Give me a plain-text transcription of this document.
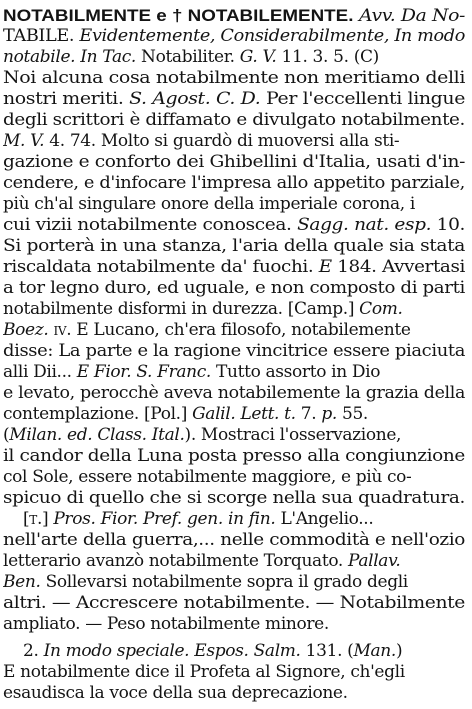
NOTABILMENTE e † NOTABILEMENTE. Avv. Da No-
TABILE. Evidentemente, Considerabilmente, In modo
notabile. In Tac. Notabiliter. G. V. 11. 3. 5. (C)
Noi alcuna cosa notabilmente non meritiamo delli
nostri meriti. S. Agost. C. D. Per l'eccellenti lingue
degli scrittori è diffamato e divulgato notabilmente.
M. V. 4. 74. Molto si guardò di muoversi alla sti-
gazione e conforto dei Ghibellini d'Italia, usati d'in-
cendere, e d'infocare l'impresa allo appetito parziale,
più ch'al singulare onore della imperiale corona, i
cui vizii notabilmente conoscea. Sagg. nat. esp. 10.
Si porterà in una stanza, l'aria della quale sia stata
riscaldata notabilmente da' fuochi. E 184. Avvertasi
a tor legno duro, ed uguale, e non composto di parti
notabilmente disformi in durezza. [Camp.] Com.
Boez. iv. E Lucano, ch'era filosofo, notabilemente
disse: La parte e la ragione vincitrice essere piaciuta
alli Dii... E Fior. S. Franc. Tutto assorto in Dio
e levato, perocchè aveva notabilemente la grazia della
contemplazione. [Pol.] Galil. Lett. t. 7. p. 55.
(Milan. ed. Class. Ital.). Mostraci l'osservazione,
il candor della Luna posta presso alla congiunzione
col Sole, essere notabilmente maggiore, e più co-
spicuo di quello che si scorge nella sua quadratura.
[t.] Pros. Fior. Pref. gen. in fin. L'Angelio...
nell'arte della guerra,... nelle commodità e nell'ozio
letterario avanzò notabilmente Torquato. Pallav.
Ben. Sollevarsi notabilmente sopra il grado degli
altri. — Accrescere notabilmente. — Notabilmente
ampliato. — Peso notabilmente minore.
2. In modo speciale. Espos. Salm. 131. (Man.)
E notabilmente dice il Profeta al Signore, ch'egli
esaudisca la voce della sua deprecazione.
